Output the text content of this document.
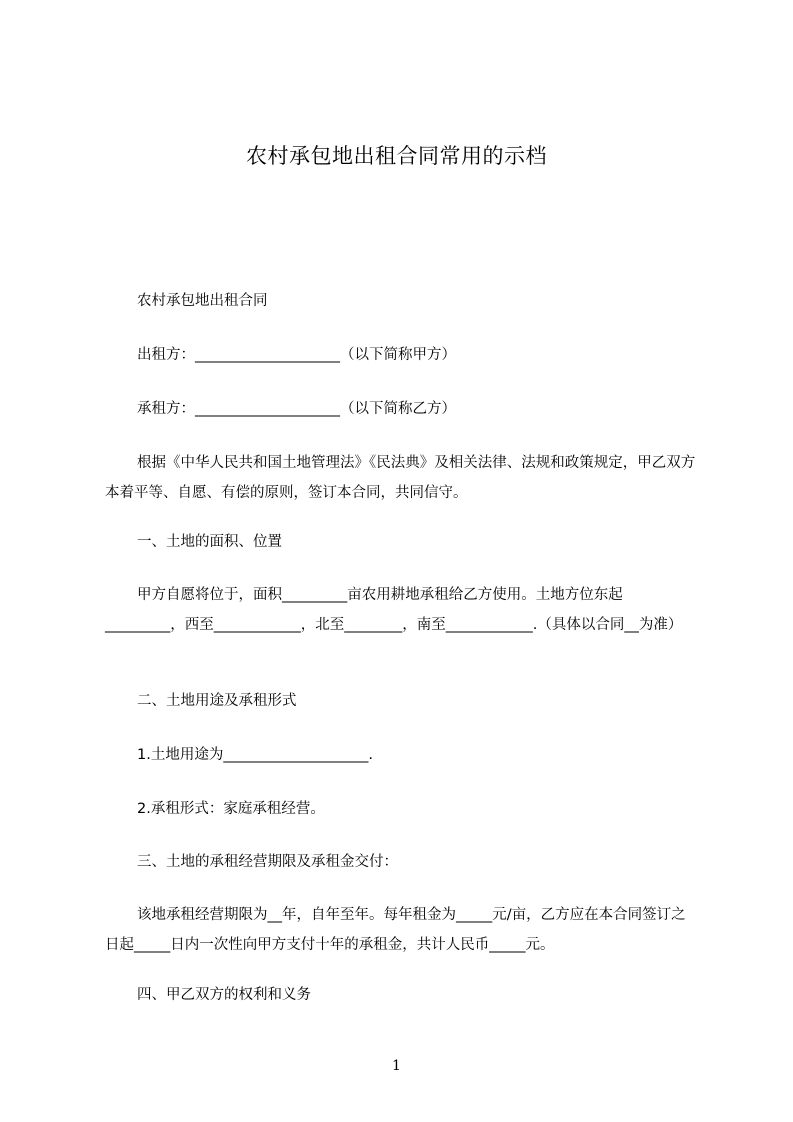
农村承包地出租合同常用的示档

农村承包地出租合同

出租方：____________________（以下简称甲方）

承租方：____________________（以下简称乙方）

根据《中华人民共和国土地管理法》《民法典》及相关法律、法规和政策规定，甲乙双方本着平等、自愿、有偿的原则，签订本合同，共同信守。

一、土地的面积、位置

甲方自愿将位于，面积_________亩农用耕地承租给乙方使用。土地方位东起_________，西至____________，北至________，南至____________.（具体以合同__为准）

二、土地用途及承租形式

1.土地用途为____________________.

2.承租形式：家庭承租经营。

三、土地的承租经营期限及承租金交付：

该地承租经营期限为__年，自年至年。每年租金为_____元/亩，乙方应在本合同签订之日起_____日内一次性向甲方支付十年的承租金，共计人民币_____元。

四、甲乙双方的权利和义务

1
